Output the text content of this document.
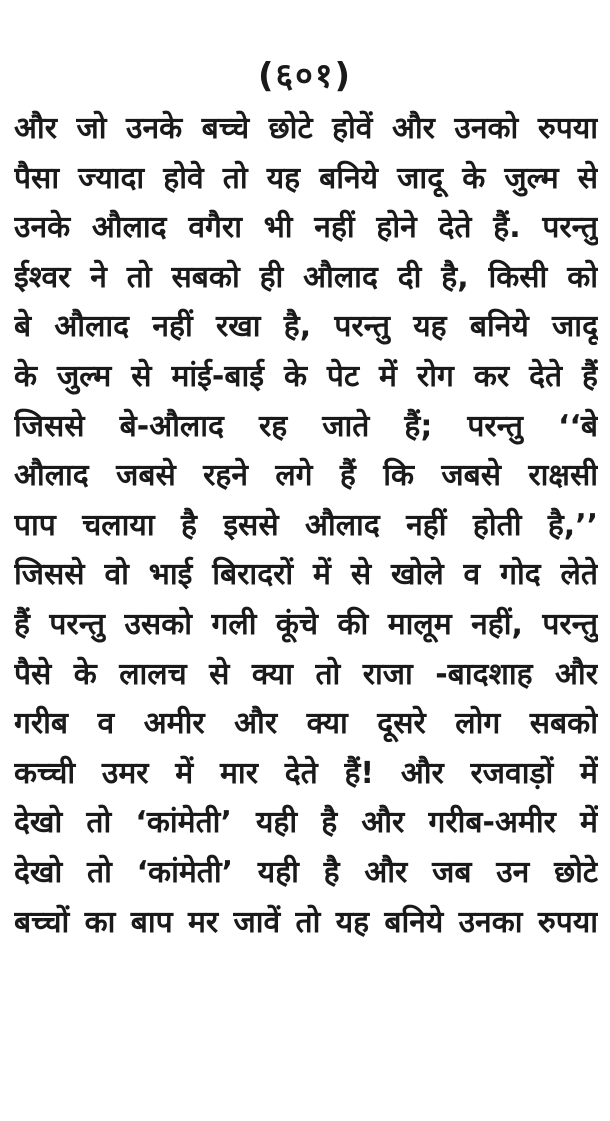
(६०१)
और जो उनके बच्चे छोटे होवें और उनको रुपया
पैसा ज्यादा होवे तो यह बनिये जादू के जुल्म से
उनके औलाद वगैरा भी नहीं होने देते हैं. परन्तु
ईश्वर ने तो सबको ही औलाद दी है, किसी को
बे औलाद नहीं रखा है, परन्तु यह बनिये जादू
के जुल्म से मांई-बाई के पेट में रोग कर देते हैं
जिससे बे-औलाद रह जाते हैं; परन्तु ‘‘बे
औलाद जबसे रहने लगे हैं कि जबसे राक्षसी
पाप चलाया है इससे औलाद नहीं होती है,’’
जिससे वो भाई बिरादरों में से खोले व गोद लेते
हैं परन्तु उसको गली कूंचे की मालूम नहीं, परन्तु
पैसे के लालच से क्या तो राजा -बादशाह और
गरीब व अमीर और क्या दूसरे लोग सबको
कच्ची उमर में मार देते हैं! और रजवाड़ों में
देखो तो ‘कांमेती’ यही है और गरीब-अमीर में
देखो तो ‘कांमेती’ यही है और जब उन छोटे
बच्चों का बाप मर जावें तो यह बनिये उनका रुपया
